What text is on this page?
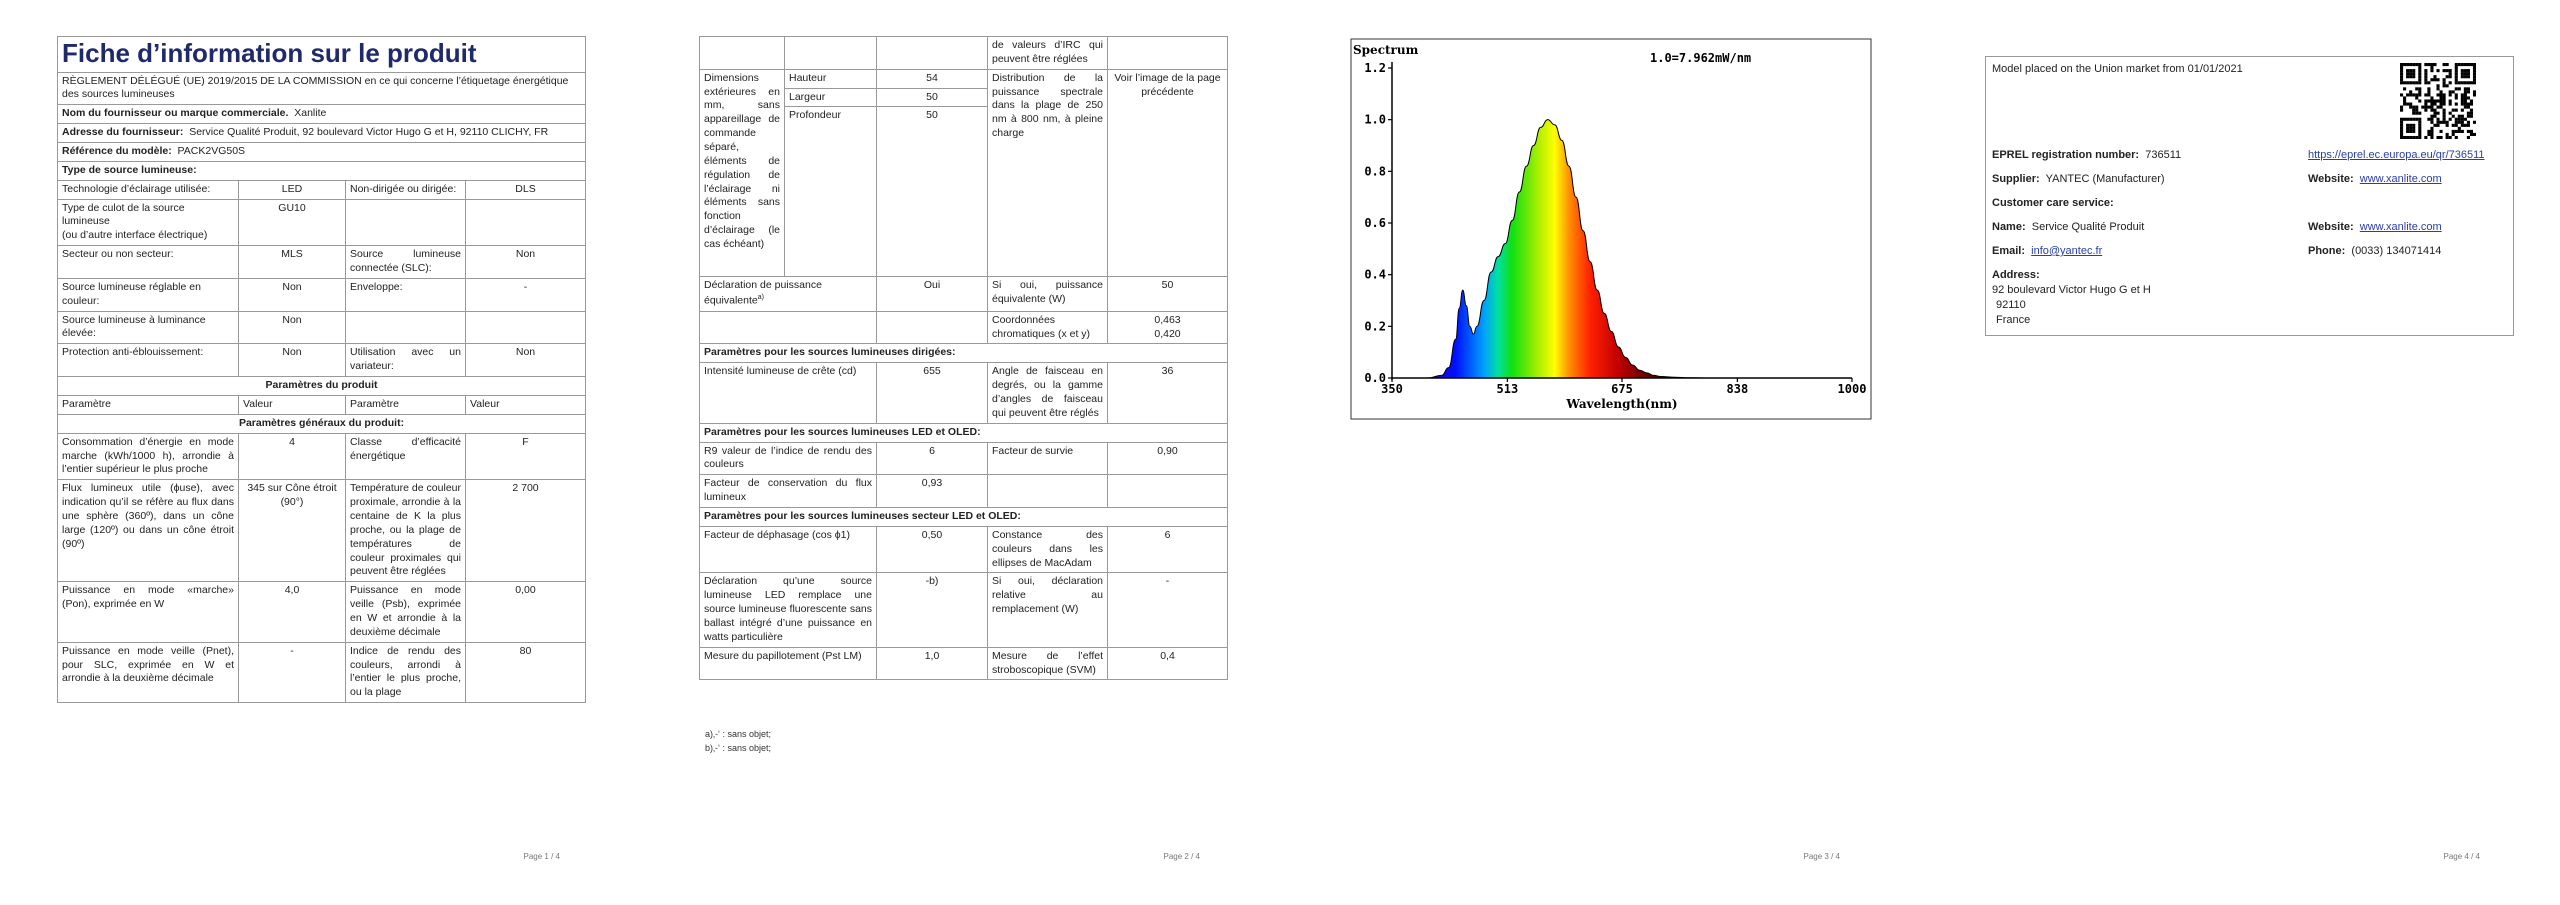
Page 1 / 4
Fiche d’information sur le produit			
RÈGLEMENT DÉLÉGUÉ (UE) 2019/2015 DE LA COMMISSION en ce qui concerne l’étiquetage énergétique des sources lumineuses			
Nom du fournisseur ou marque commerciale. Xanlite			
Adresse du fournisseur: Service Qualité Produit, 92 boulevard Victor Hugo G et H, 92110 CLICHY, FR			
Référence du modèle: PACK2VG50S			
Type de source lumineuse:			
Technologie d’éclairage utilisée:	LED	Non-dirigée ou dirigée:	DLS
Type de culot de la source lumineuse
(ou d’autre interface électrique)	GU10		
Secteur ou non secteur:	MLS	Source lumineuse connectée (SLC):	Non
Source lumineuse réglable en couleur:	Non	Enveloppe:	-
Source lumineuse à luminance élevée:	Non		
Protection anti-éblouissement:	Non	Utilisation avec un variateur:	Non
Paramètres du produit			
Paramètre	Valeur	Paramètre	Valeur
Paramètres généraux du produit:			
Consommation d’énergie en mode marche (kWh/1000 h), arrondie à l’entier supérieur le plus proche	4	Classe d’efficacité énergétique	F
Flux lumineux utile (ϕuse), avec indication qu’il se réfère au flux dans une sphère (360º), dans un cône large (120º) ou dans un cône étroit (90º)	345 sur Cône étroit (90°)	Température de couleur proximale, arrondie à la centaine de K la plus proche, ou la plage de températures de couleur proximales qui peuvent être réglées	2 700
Puissance en mode «marche» (Pon), exprimée en W	4,0	Puissance en mode veille (Psb), exprimée en W et arrondie à la deuxième décimale	0,00
Puissance en mode veille (Pnet), pour SLC, exprimée en W et arrondie à la deuxième décimale	-	Indice de rendu des couleurs, arrondi à l’entier le plus proche, ou la plage	80
Page 2 / 4
			de valeurs d’IRC qui peuvent être réglées	
Dimensions extérieures en mm, sans appareillage de commande séparé, éléments de régulation de l’éclairage ni éléments sans fonction d’éclairage (le cas échéant)	Hauteur	54	Distribution de la puissance spectrale dans la plage de 250 nm à 800 nm, à pleine charge	Voir l’image de la page précédente
	Largeur	50		
	Profondeur	50		
Déclaration de puissance équivalente$^{a)}$		Oui	Si oui, puissance équivalente (W)	50
			Coordonnées chromatiques (x et y)	0,463
0,420

Paramètres pour les sources lumineuses dirigées:				
Intensité lumineuse de crête (cd)		655	Angle de faisceau en degrés, ou la gamme d’angles de faisceau qui peuvent être réglés	36
Paramètres pour les sources lumineuses LED et OLED:				
R9 valeur de l’indice de rendu des couleurs		6	Facteur de survie	0,90
Facteur de conservation du flux lumineux		0,93		
Paramètres pour les sources lumineuses secteur LED et OLED:				
Facteur de déphasage (cos ϕ1)		0,50	Constance des couleurs dans les ellipses de MacAdam	6
Déclaration qu’une source lumineuse LED remplace une source lumineuse fluorescente sans ballast intégré d’une puissance en watts particulière		-b)	Si oui, déclaration relative au remplacement (W)	-
Mesure du papillotement (Pst LM)		1,0	Mesure de l’effet stroboscopique (SVM)	0,4
a)‚-‘ : sans objet;
b)‚-‘ : sans objet;
Page 3 / 4
0.0
0.2
0.4
0.6
0.8
1.0
1.2
350	513	675	838	1000
Spectrum
1.0=7.962mW/nm
Wavelength(nm)
Page 4 / 4
Model placed on the Union market from 01/01/2021
EPREL registration number: 736511	https://eprel.ec.europa.eu/qr/736511
Supplier: YANTEC (Manufacturer)	Website: www.xanlite.com
Customer care service:
Name: Service Qualité Produit	Website: www.xanlite.com
Email: info@yantec.fr	Phone: (0033) 134071414
Address:
92 boulevard Victor Hugo G et H
92110
France
